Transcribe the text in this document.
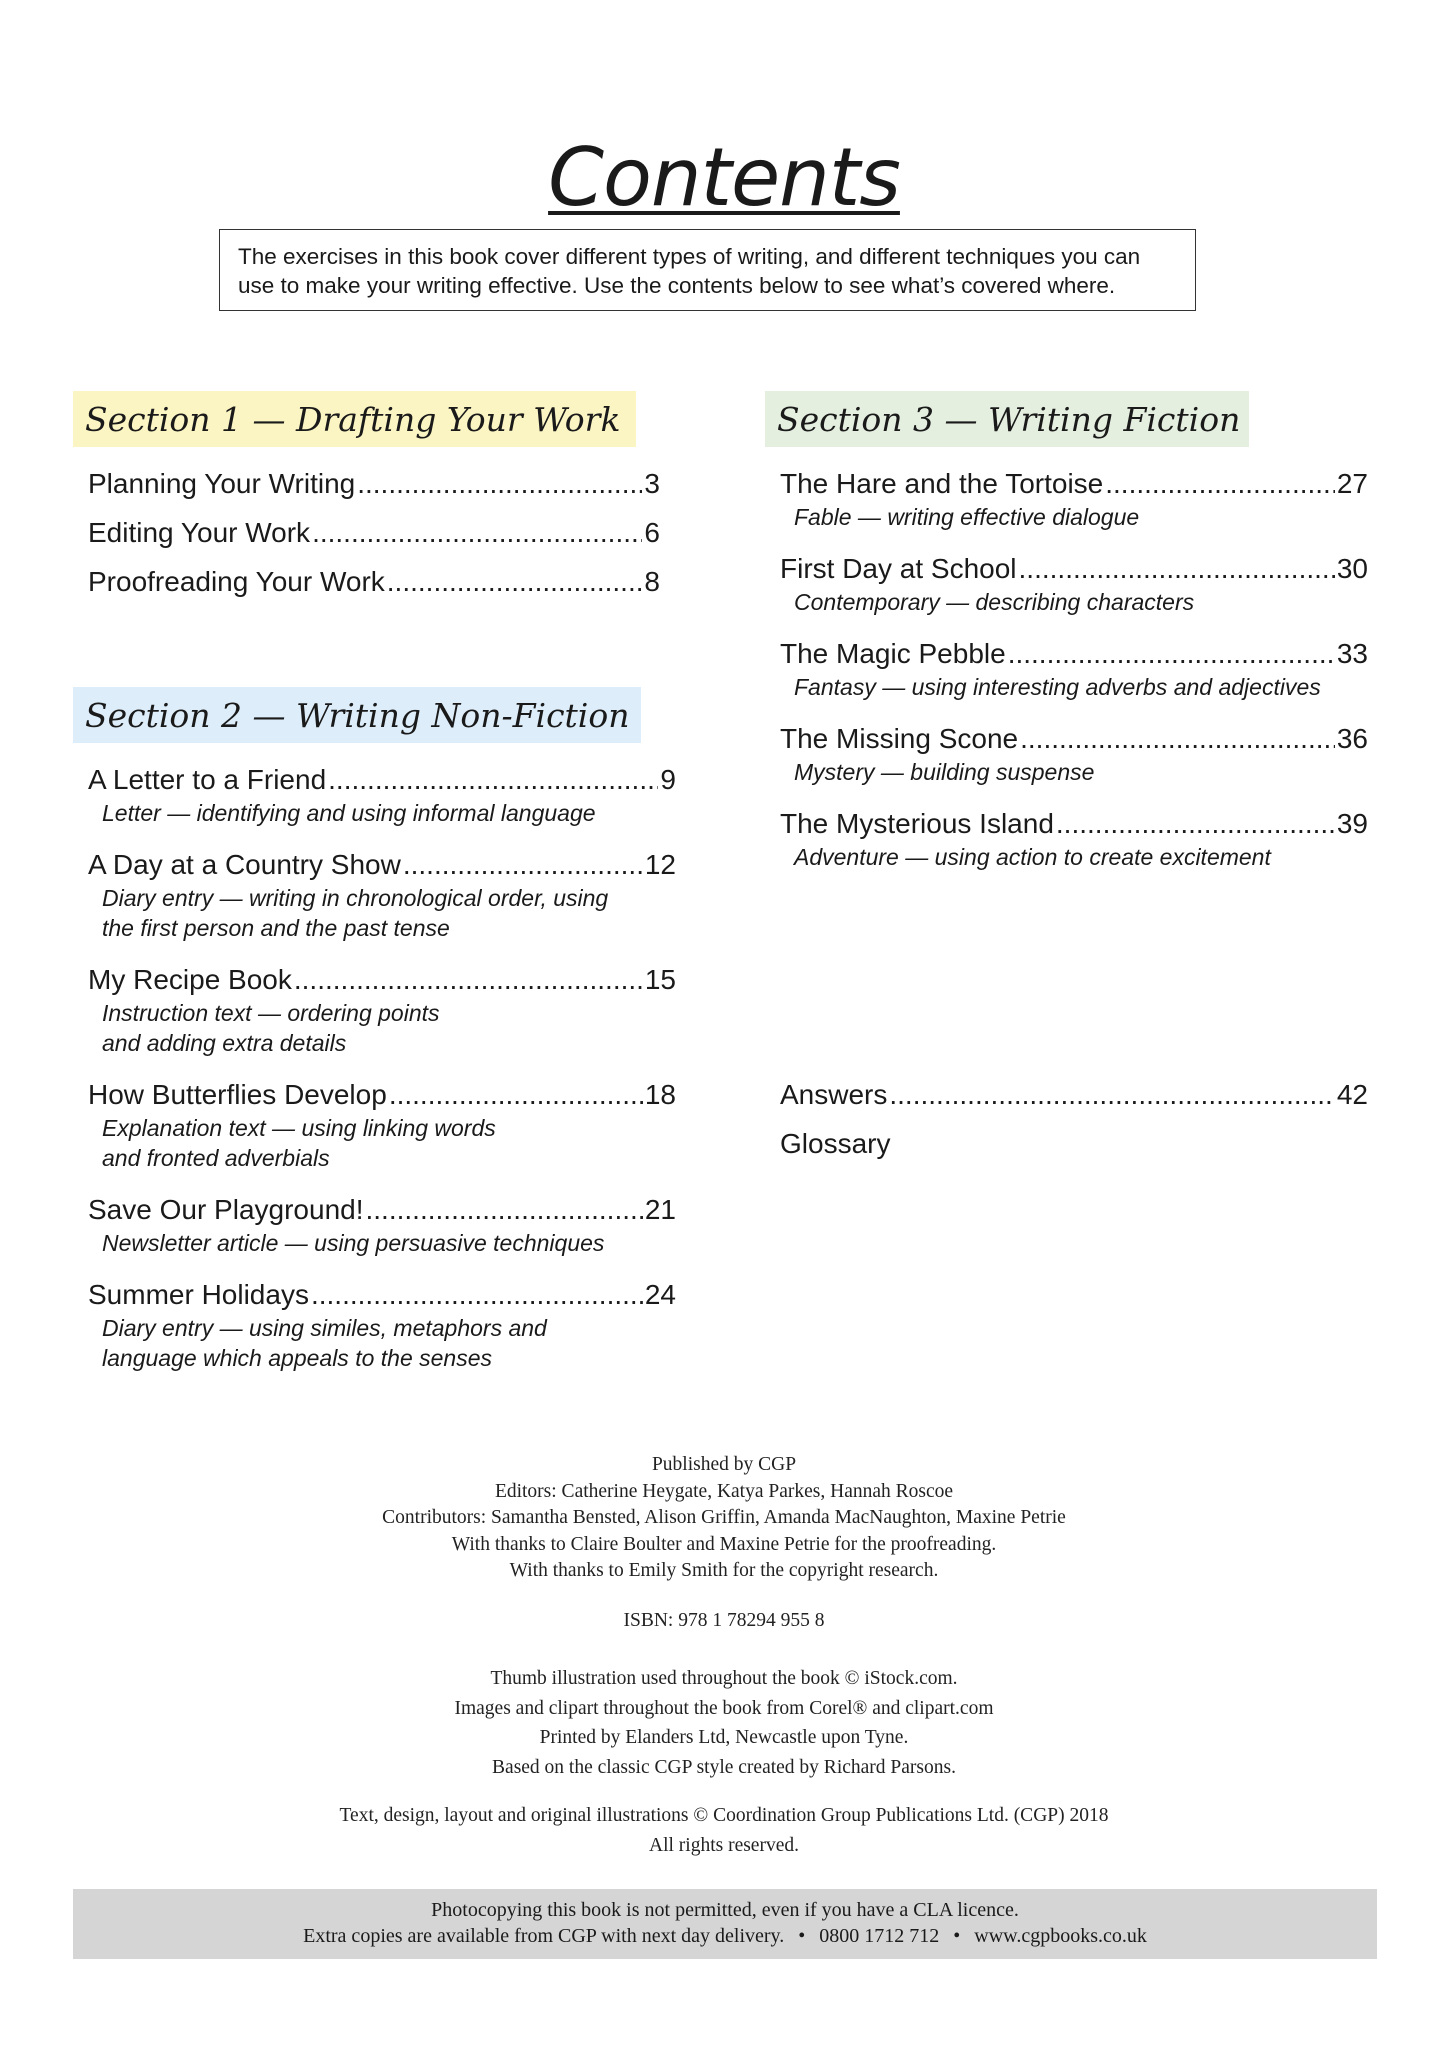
Contents
The exercises in this book cover different types of writing, and different techniques you can
use to make your writing effective. Use the contents below to see what’s covered where.
Section 1 — Drafting Your Work
Planning Your Writing .....	3
Editing Your Work .....	6
Proofreading Your Work .....	8
Section 2 — Writing Non-Fiction
A Letter to a Friend .....	9
Letter — identifying and using informal language
A Day at a Country Show .....	12
Diary entry — writing in chronological order, using
the first person and the past tense
My Recipe Book .....	15
Instruction text — ordering points
and adding extra details
How Butterflies Develop .....	18
Explanation text — using linking words
and fronted adverbials
Save Our Playground! .....	21
Newsletter article — using persuasive techniques
Summer Holidays .....	24
Diary entry — using similes, metaphors and
language which appeals to the senses
Section 3 — Writing Fiction
The Hare and the Tortoise .....	27
Fable — writing effective dialogue
First Day at School .....	30
Contemporary — describing characters
The Magic Pebble .....	33
Fantasy — using interesting adverbs and adjectives
The Missing Scone .....	36
Mystery — building suspense
The Mysterious Island .....	39
Adventure — using action to create excitement
Answers .....	42
Glossary

Published by CGP

Editors: Catherine Heygate, Katya Parkes, Hannah Roscoe

Contributors: Samantha Bensted, Alison Griffin, Amanda MacNaughton, Maxine Petrie

With thanks to Claire Boulter and Maxine Petrie for the proofreading.

With thanks to Emily Smith for the copyright research.

ISBN: 978 1 78294 955 8

Thumb illustration used throughout the book © iStock.com.

Images and clipart throughout the book from Corel® and clipart.com

Printed by Elanders Ltd, Newcastle upon Tyne.

Based on the classic CGP style created by Richard Parsons.

Text, design, layout and original illustrations © Coordination Group Publications Ltd. (CGP) 2018

All rights reserved.

Photocopying this book is not permitted, even if you have a CLA licence.

Extra copies are available from CGP with next day delivery. • 0800 1712 712 • www.cgpbooks.co.uk
